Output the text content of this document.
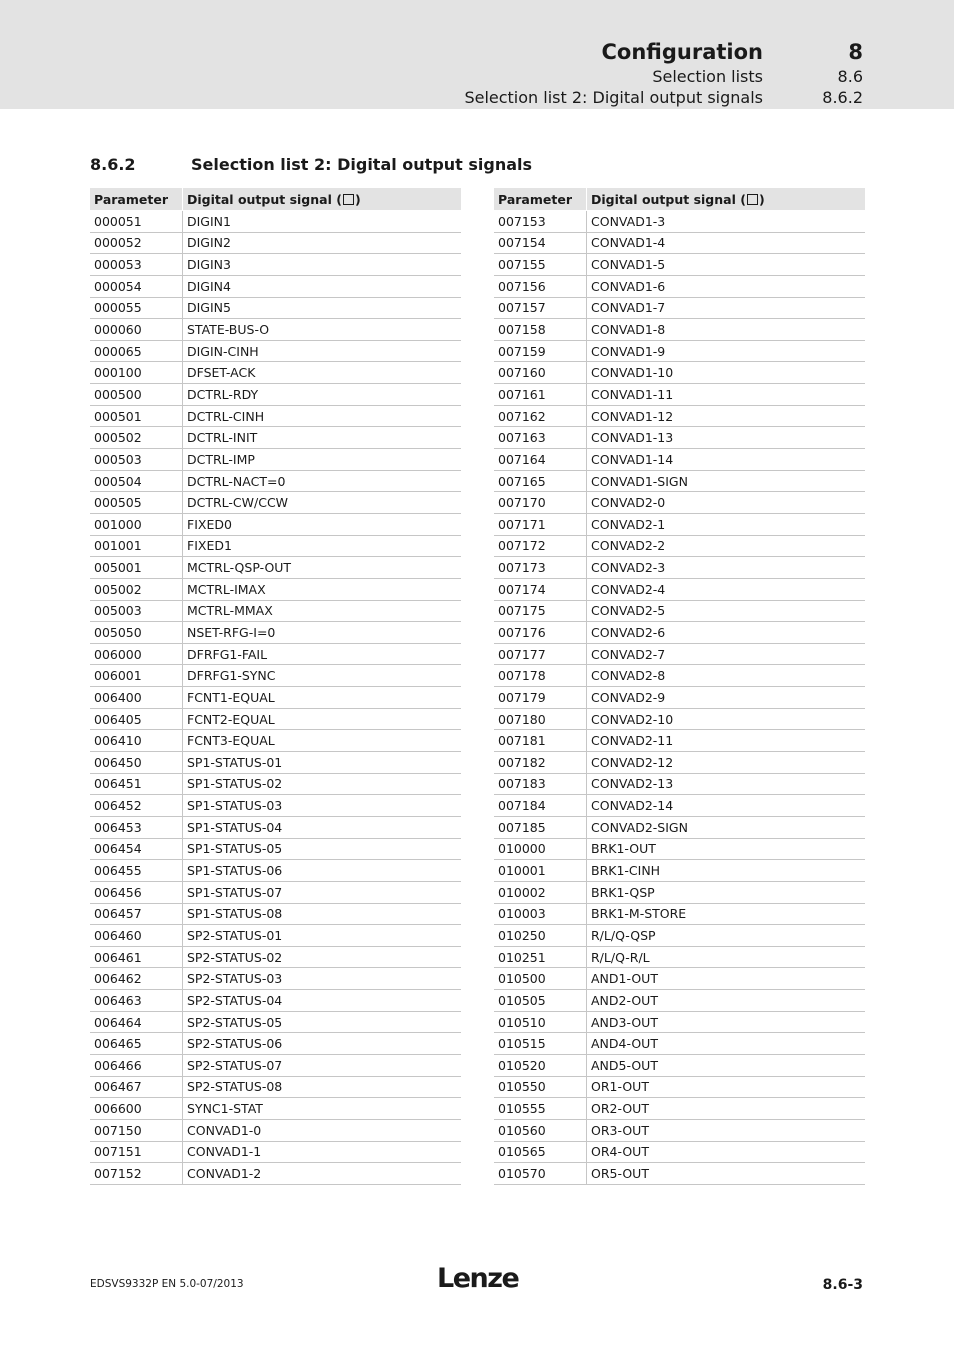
Configuration	8
Selection lists	8.6
Selection list 2: Digital output signals	8.6.2
8.6.2	Selection list 2: Digital output signals
Parameter	Digital output signal ( )
000051	DIGIN1
000052	DIGIN2
000053	DIGIN3
000054	DIGIN4
000055	DIGIN5
000060	STATE-BUS-O
000065	DIGIN-CINH
000100	DFSET-ACK
000500	DCTRL-RDY
000501	DCTRL-CINH
000502	DCTRL-INIT
000503	DCTRL-IMP
000504	DCTRL-NACT=0
000505	DCTRL-CW/CCW
001000	FIXED0
001001	FIXED1
005001	MCTRL-QSP-OUT
005002	MCTRL-IMAX
005003	MCTRL-MMAX
005050	NSET-RFG-I=0
006000	DFRFG1-FAIL
006001	DFRFG1-SYNC
006400	FCNT1-EQUAL
006405	FCNT2-EQUAL
006410	FCNT3-EQUAL
006450	SP1-STATUS-01
006451	SP1-STATUS-02
006452	SP1-STATUS-03
006453	SP1-STATUS-04
006454	SP1-STATUS-05
006455	SP1-STATUS-06
006456	SP1-STATUS-07
006457	SP1-STATUS-08
006460	SP2-STATUS-01
006461	SP2-STATUS-02
006462	SP2-STATUS-03
006463	SP2-STATUS-04
006464	SP2-STATUS-05
006465	SP2-STATUS-06
006466	SP2-STATUS-07
006467	SP2-STATUS-08
006600	SYNC1-STAT
007150	CONVAD1-0
007151	CONVAD1-1
007152	CONVAD1-2
Parameter	Digital output signal ( )
007153	CONVAD1-3
007154	CONVAD1-4
007155	CONVAD1-5
007156	CONVAD1-6
007157	CONVAD1-7
007158	CONVAD1-8
007159	CONVAD1-9
007160	CONVAD1-10
007161	CONVAD1-11
007162	CONVAD1-12
007163	CONVAD1-13
007164	CONVAD1-14
007165	CONVAD1-SIGN
007170	CONVAD2-0
007171	CONVAD2-1
007172	CONVAD2-2
007173	CONVAD2-3
007174	CONVAD2-4
007175	CONVAD2-5
007176	CONVAD2-6
007177	CONVAD2-7
007178	CONVAD2-8
007179	CONVAD2-9
007180	CONVAD2-10
007181	CONVAD2-11
007182	CONVAD2-12
007183	CONVAD2-13
007184	CONVAD2-14
007185	CONVAD2-SIGN
010000	BRK1-OUT
010001	BRK1-CINH
010002	BRK1-QSP
010003	BRK1-M-STORE
010250	R/L/Q-QSP
010251	R/L/Q-R/L
010500	AND1-OUT
010505	AND2-OUT
010510	AND3-OUT
010515	AND4-OUT
010520	AND5-OUT
010550	OR1-OUT
010555	OR2-OUT
010560	OR3-OUT
010565	OR4-OUT
010570	OR5-OUT
EDSVS9332P EN 5.0-07/2013	Lenze	8.6-3
